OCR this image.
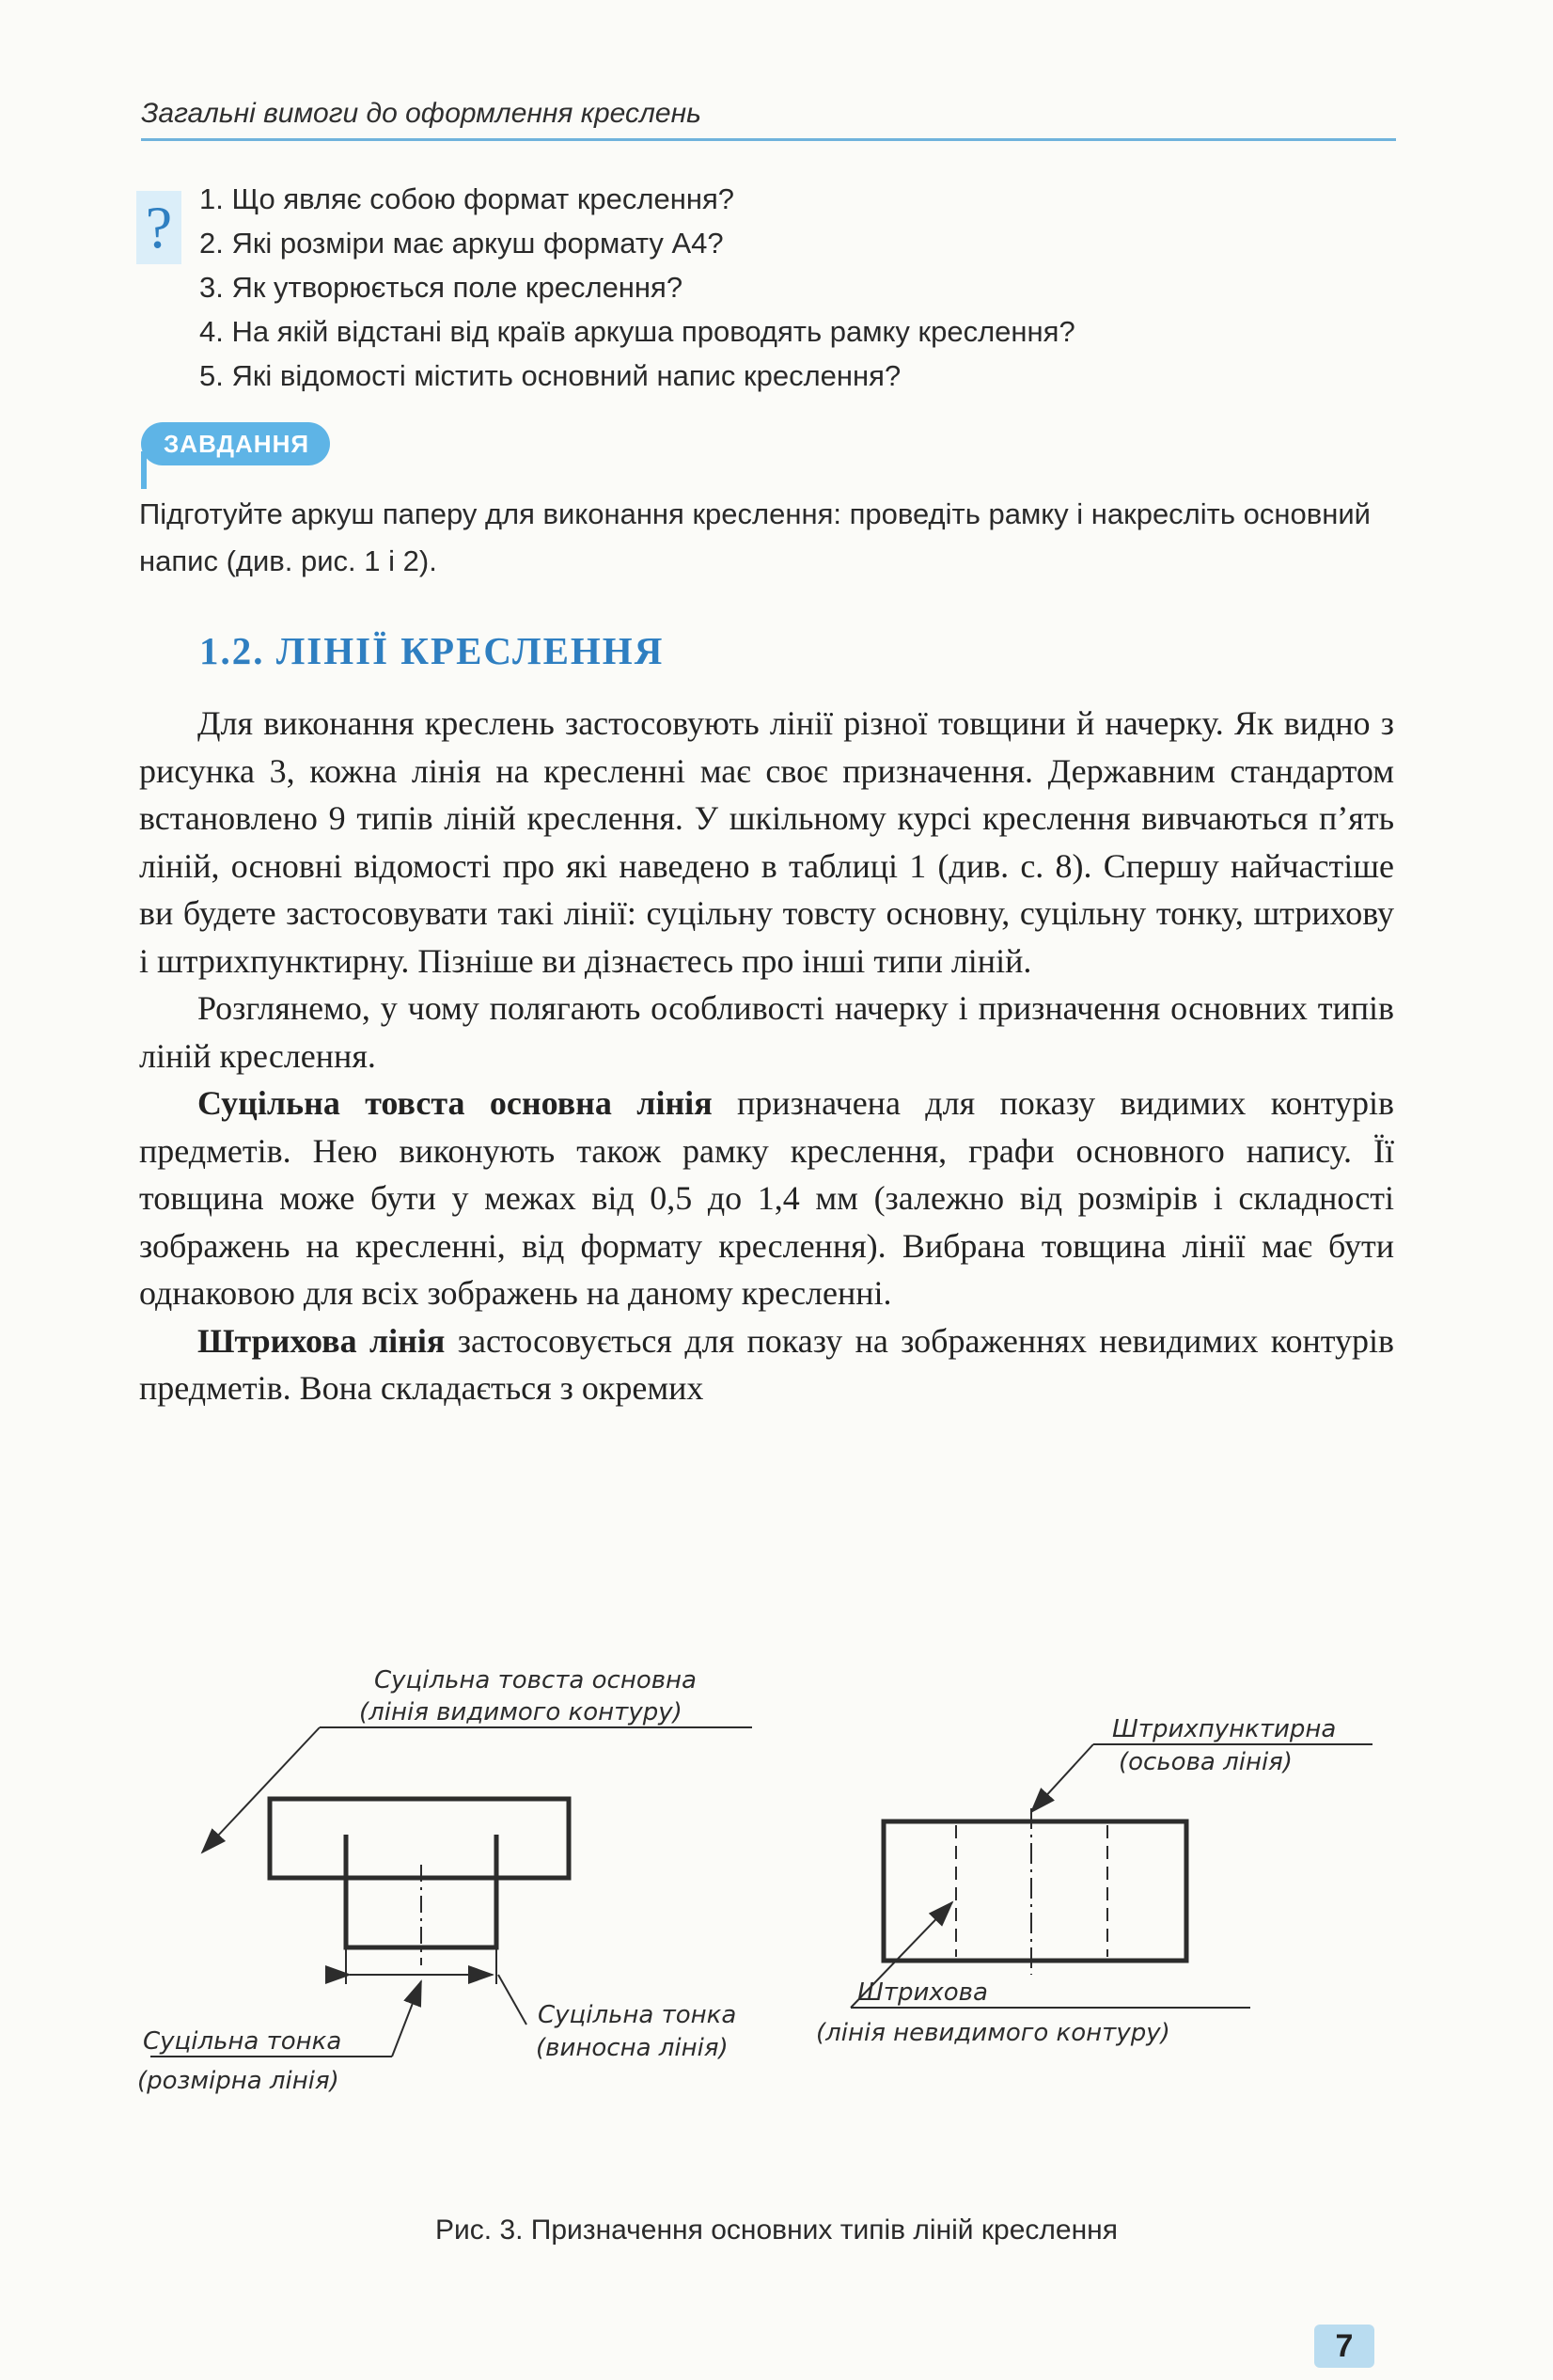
Загальні вимоги до оформлення креслень
? 1. Що являє собою формат креслення?
2. Які розміри має аркуш формату А4?
3. Як утворюється поле креслення?
4. На якій відстані від країв аркуша проводять рамку креслення?
5. Які відомості містить основний напис креслення?
ЗАВДАННЯ

Підготуйте аркуш паперу для виконання креслення: проведіть рамку і накресліть основний напис (див. рис. 1 і 2).

1.2. ЛІНІЇ КРЕСЛЕННЯ

Для виконання креслень застосовують лінії різної товщини й начерку. Як видно з рисунка 3, кожна лінія на кресленні має своє призначення. Державним стандартом встановлено 9 типів ліній креслення. У шкільному курсі креслення вивчаються п’ять ліній, основні відомості про які наведено в таблиці 1 (див. с. 8). Спершу найчастіше ви будете застосовувати такі лінії: суцільну товсту основну, суцільну тонку, штрихову і штрихпунктирну. Пізніше ви дізнаєтесь про інші типи ліній.

Розглянемо, у чому полягають особливості начерку і призначення основних типів ліній креслення.

Суцільна товста основна лінія призначена для показу видимих контурів предметів. Нею виконують також рамку креслення, графи основного напису. Її товщина може бути у межах від 0,5 до 1,4 мм (залежно від розмірів і складності зображень на кресленні, від формату креслення). Вибрана товщина лінії має бути однаковою для всіх зображень на даному кресленні.

Штрихова лінія застосовується для показу на зображеннях невидимих контурів предметів. Вона складається з окремих

Суцільна товста основна
(лінія видимого контуру)
Суцільна тонка
(розмірна лінія)
Суцільна тонка
(виносна лінія)
Штрихпунктирна
(осьова лінія)
Штрихова
(лінія невидимого контуру)
Рис. 3. Призначення основних типів ліній креслення
7
